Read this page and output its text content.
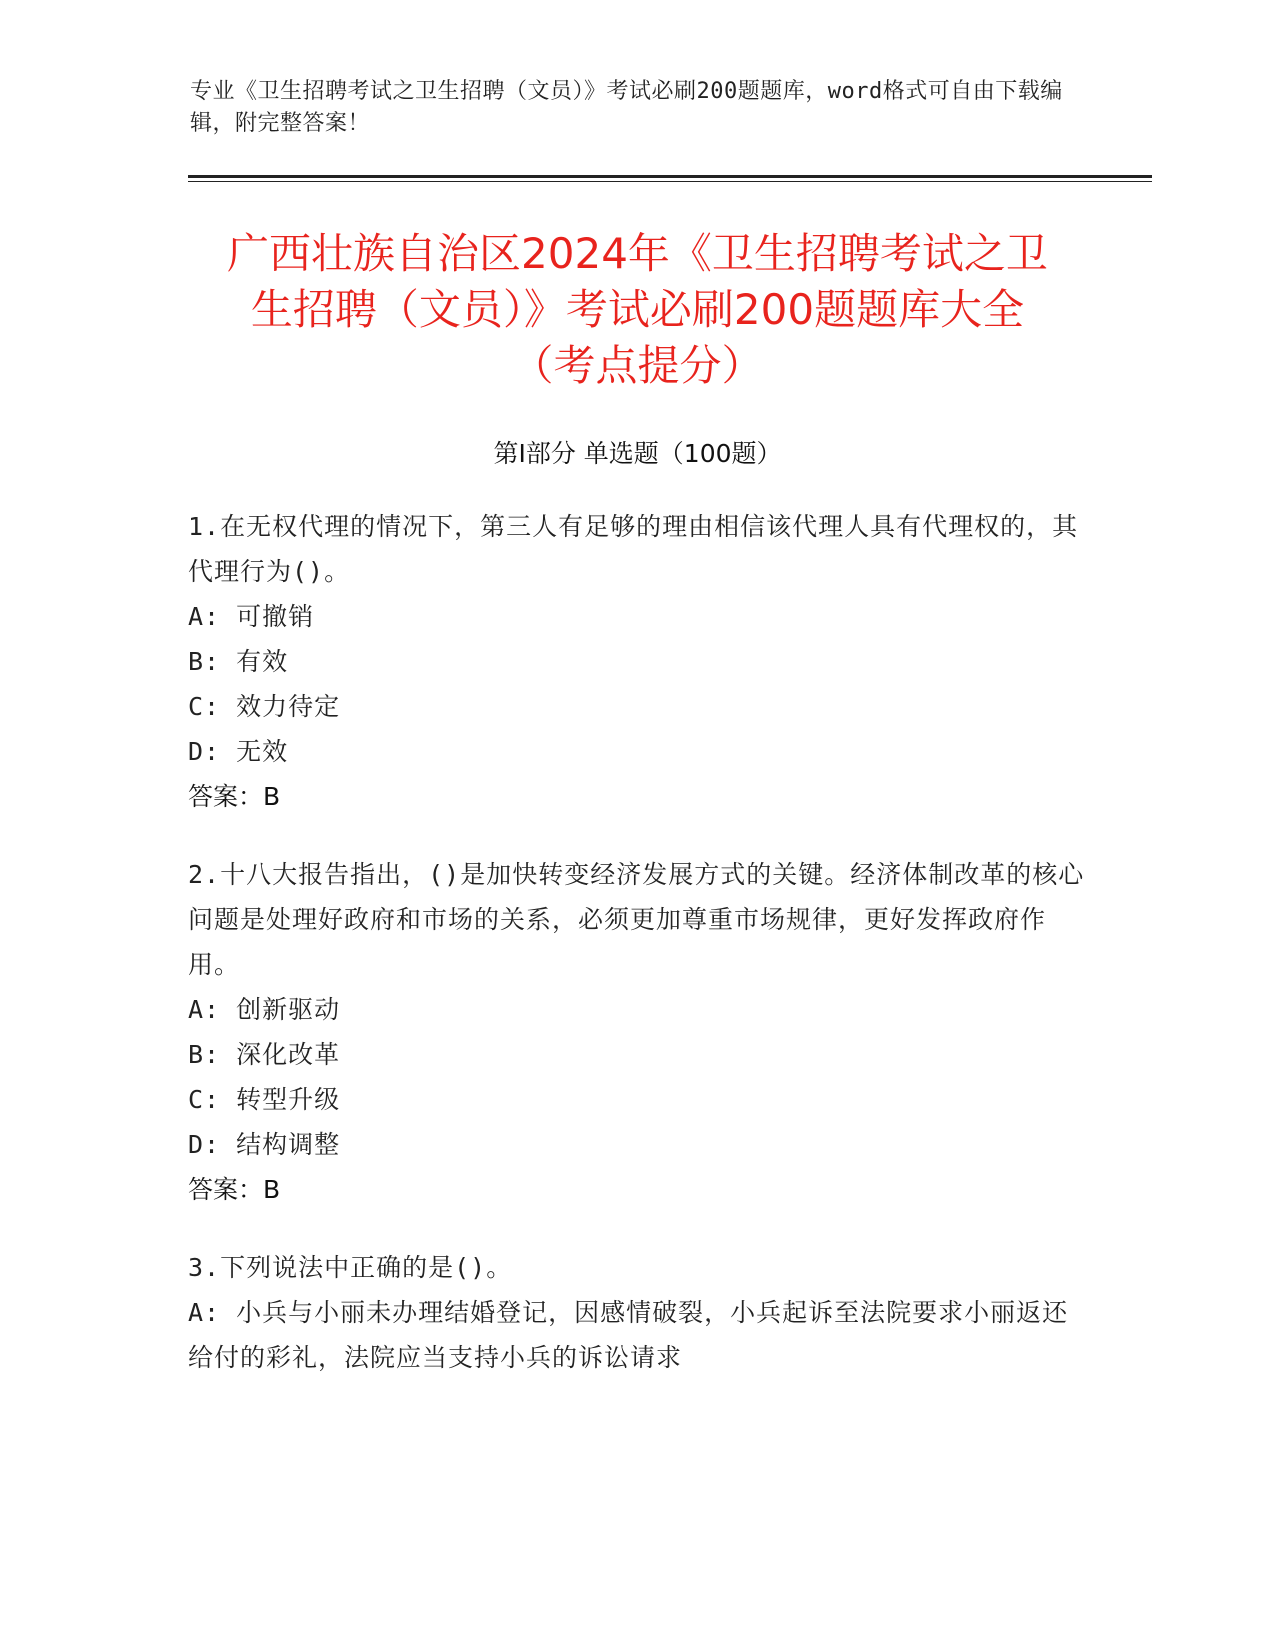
专业《卫生招聘考试之卫生招聘（文员）》考试必刷200题题库，word格式可自由下载编辑，附完整答案！
广西壮族自治区2024年《卫生招聘考试之卫
生招聘（文员）》考试必刷200题题库大全
（考点提分）
第I部分 单选题（100题）
1.在无权代理的情况下，第三人有足够的理由相信该代理人具有代理权的，其代理行为()。
A: 可撤销
B: 有效
C: 效力待定
D: 无效
答案：B
2.十八大报告指出，()是加快转变经济发展方式的关键。经济体制改革的核心问题是处理好政府和市场的关系，必须更加尊重市场规律，更好发挥政府作用。
A: 创新驱动
B: 深化改革
C: 转型升级
D: 结构调整
答案：B
3.下列说法中正确的是()。
A: 小兵与小丽未办理结婚登记，因感情破裂，小兵起诉至法院要求小丽返还给付的彩礼，法院应当支持小兵的诉讼请求
